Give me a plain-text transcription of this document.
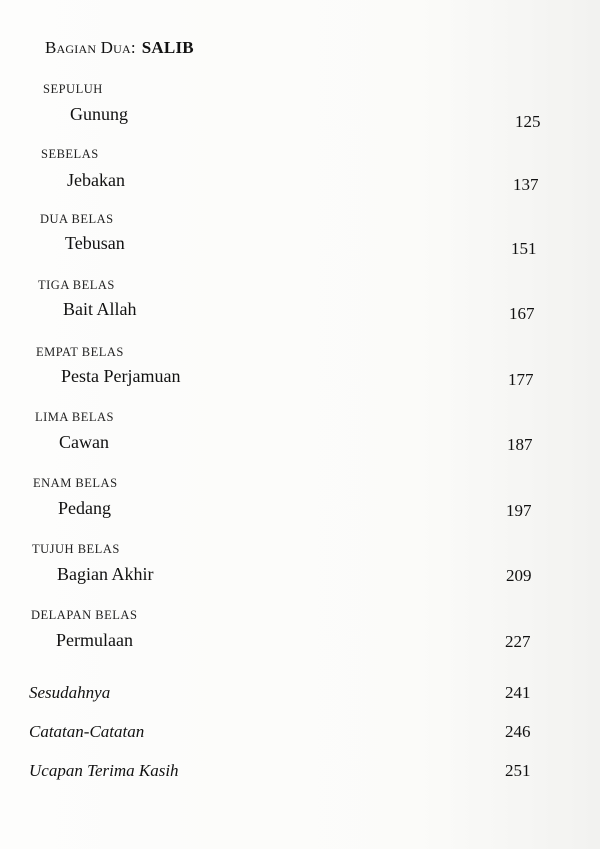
Bagian Dua: SALIB
SEPULUH
Gunung	125
SEBELAS
Jebakan	137
DUA BELAS
Tebusan	151
TIGA BELAS
Bait Allah	167
EMPAT BELAS
Pesta Perjamuan	177
LIMA BELAS
Cawan	187
ENAM BELAS
Pedang	197
TUJUH BELAS
Bagian Akhir	209
DELAPAN BELAS
Permulaan	227
Sesudahnya	241
Catatan-Catatan	246
Ucapan Terima Kasih	251
